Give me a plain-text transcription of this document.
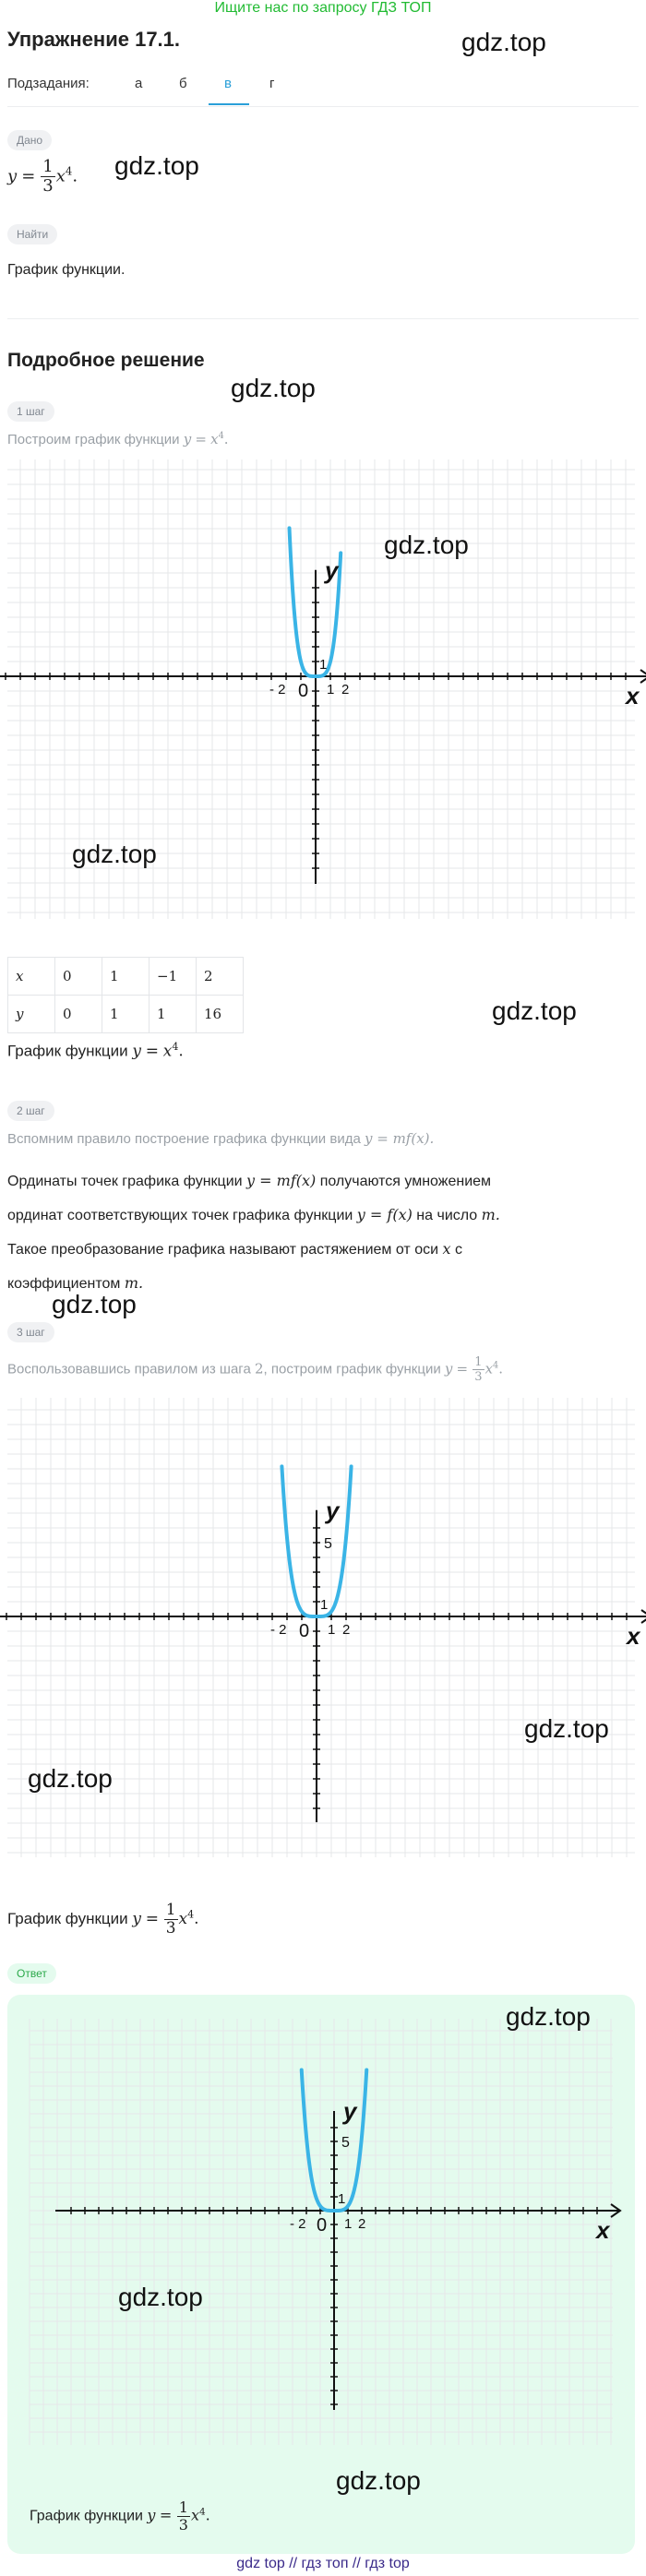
Ищите нас по запросу ГДЗ ТОП
Упражнение 17.1.	gdz.top
Подзадания:	а	б	в	г
Дано
$y = \frac{1}{3} x^4$. gdz.top
Найти
График функции.
Подробное решение
gdz.top
1 шаг
Построим график функции $y = x^4$.
y
x
0
1
1 2
- 2
gdz.top
gdz.top
x	0	1	−1	2
y	0	1	1	16	gdz.top
График функции $y = x^4$.
2 шаг
Вспомним правило построение графика функции вида y = mf(x).
Ординаты точек графика функции y = mf(x) получаются умножением
ординат соответствующих точек графика функции y = f(x) на число m.
Такое преобразование графика называют растяжением от оси x с
коэффициентом m.
gdz.top
3 шаг
Воспользовавшись правилом из шага 2, построим график функции $y = \frac{1}{3} x^4$.
y
x
0
1
1 2
- 2
5
gdz.top
gdz.top
График функции $y = \frac{1}{3} x^4$.
Ответ
y
x
0
1
1 2
- 2
5
gdz.top
gdz.top
gdz.top
График функции $y = \frac{1}{3} x^4$.
gdz top // гдз топ // гдз top
